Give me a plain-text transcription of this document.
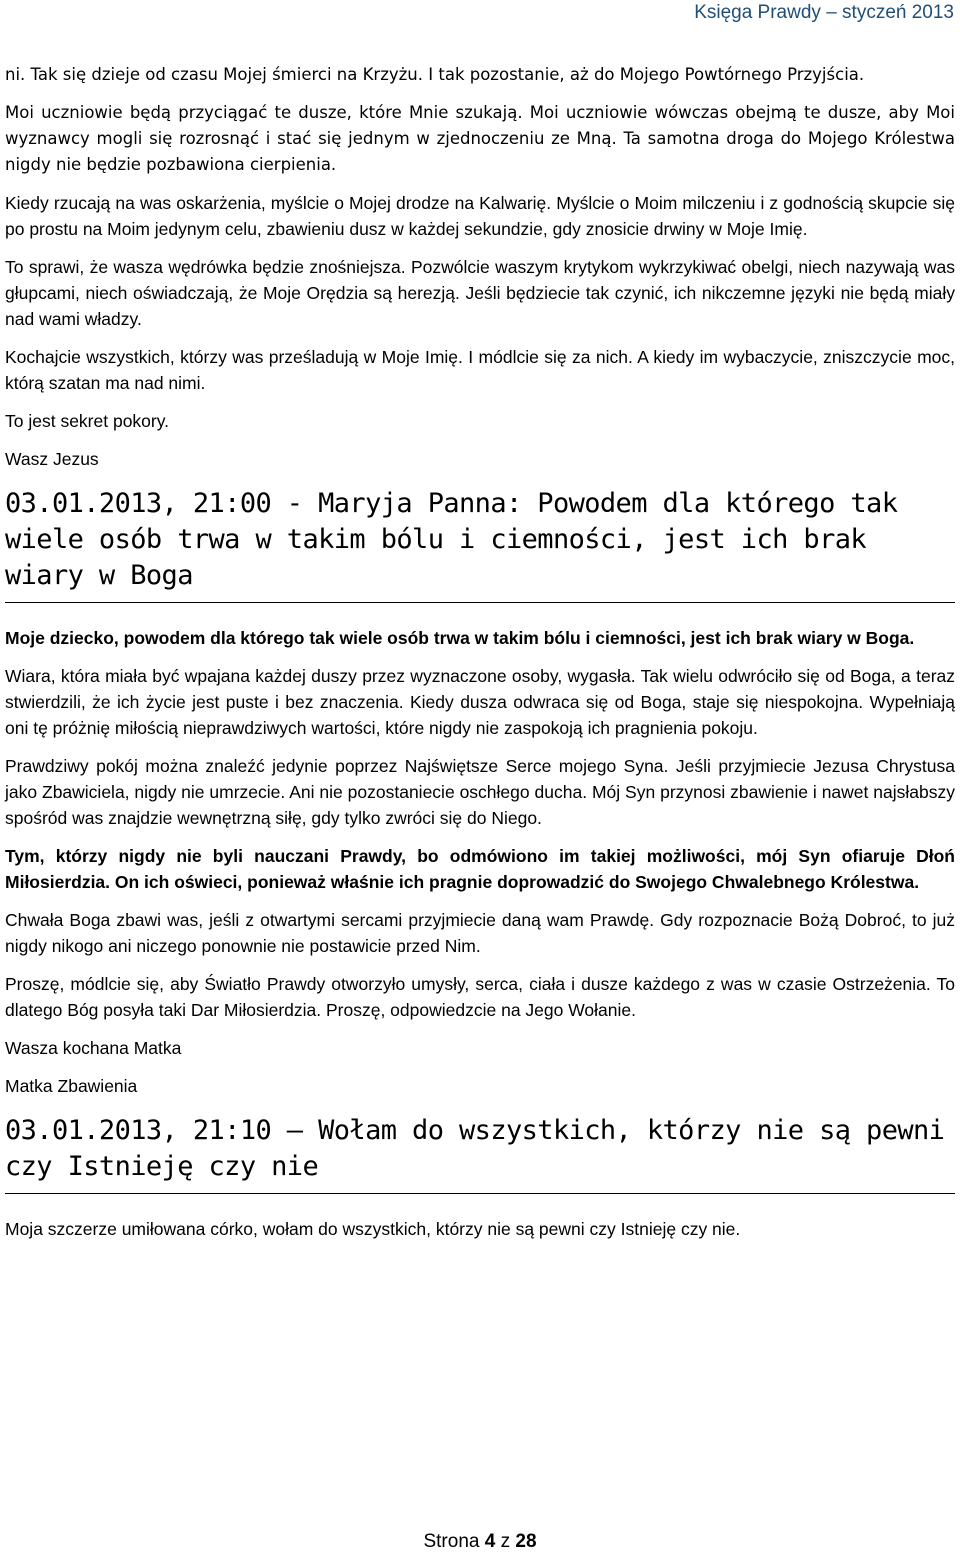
Księga Prawdy – styczeń 2013
ni. Tak się dzieje od czasu Mojej śmierci na Krzyżu. I tak pozostanie, aż do Mojego Powtórnego Przyjścia.
Moi uczniowie będą przyciągać te dusze, które Mnie szukają. Moi uczniowie wówczas obejmą te dusze, aby Moi wyznawcy mogli się rozrosnąć i stać się jednym w zjednoczeniu ze Mną. Ta samotna droga do Mojego Królestwa nigdy nie będzie pozbawiona cierpienia.
Kiedy rzucają na was oskarżenia, myślcie o Mojej drodze na Kalwarię. Myślcie o Moim milczeniu i z godnością skupcie się po prostu na Moim jedynym celu, zbawieniu dusz w każdej sekundzie, gdy znosicie drwiny w Moje Imię.
To sprawi, że wasza wędrówka będzie znośniejsza. Pozwólcie waszym krytykom wykrzykiwać obelgi, niech nazywają was głupcami, niech oświadczają, że Moje Orędzia są herezją. Jeśli będziecie tak czynić, ich nikczemne języki nie będą miały nad wami władzy.
Kochajcie wszystkich, którzy was prześladują w Moje Imię. I módlcie się za nich. A kiedy im wybaczycie, zniszczycie moc, którą szatan ma nad nimi.
To jest sekret pokory.
Wasz Jezus
03.01.2013, 21:00 - Maryja Panna: Powodem dla którego tak wiele osób trwa w takim bólu i ciemności, jest ich brak wiary w Boga
Moje dziecko, powodem dla którego tak wiele osób trwa w takim bólu i ciemności, jest ich brak wiary w Boga.
Wiara, która miała być wpajana każdej duszy przez wyznaczone osoby, wygasła. Tak wielu odwróciło się od Boga, a teraz stwierdzili, że ich życie jest puste i bez znaczenia. Kiedy dusza odwraca się od Boga, staje się niespokojna. Wypełniają oni tę próżnię miłością nieprawdziwych wartości, które nigdy nie zaspokoją ich pragnienia pokoju.
Prawdziwy pokój można znaleźć jedynie poprzez Najświętsze Serce mojego Syna. Jeśli przyjmiecie Jezusa Chrystusa jako Zbawiciela, nigdy nie umrzecie. Ani nie pozostaniecie oschłego ducha. Mój Syn przynosi zbawienie i nawet najsłabszy spośród was znajdzie wewnętrzną siłę, gdy tylko zwróci się do Niego.
Tym, którzy nigdy nie byli nauczani Prawdy, bo odmówiono im takiej możliwości, mój Syn ofiaruje Dłoń Miłosierdzia. On ich oświeci, ponieważ właśnie ich pragnie doprowadzić do Swojego Chwalebnego Królestwa.
Chwała Boga zbawi was, jeśli z otwartymi sercami przyjmiecie daną wam Prawdę. Gdy rozpoznacie Bożą Dobroć, to już nigdy nikogo ani niczego ponownie nie postawicie przed Nim.
Proszę, módlcie się, aby Światło Prawdy otworzyło umysły, serca, ciała i dusze każdego z was w czasie Ostrzeżenia. To dlatego Bóg posyła taki Dar Miłosierdzia. Proszę, odpowiedzcie na Jego Wołanie.
Wasza kochana Matka
Matka Zbawienia
03.01.2013, 21:10 – Wołam do wszystkich, którzy nie są pewni czy Istnieję czy nie
Moja szczerze umiłowana córko, wołam do wszystkich, którzy nie są pewni czy Istnieję czy nie.
Strona 4 z 28
